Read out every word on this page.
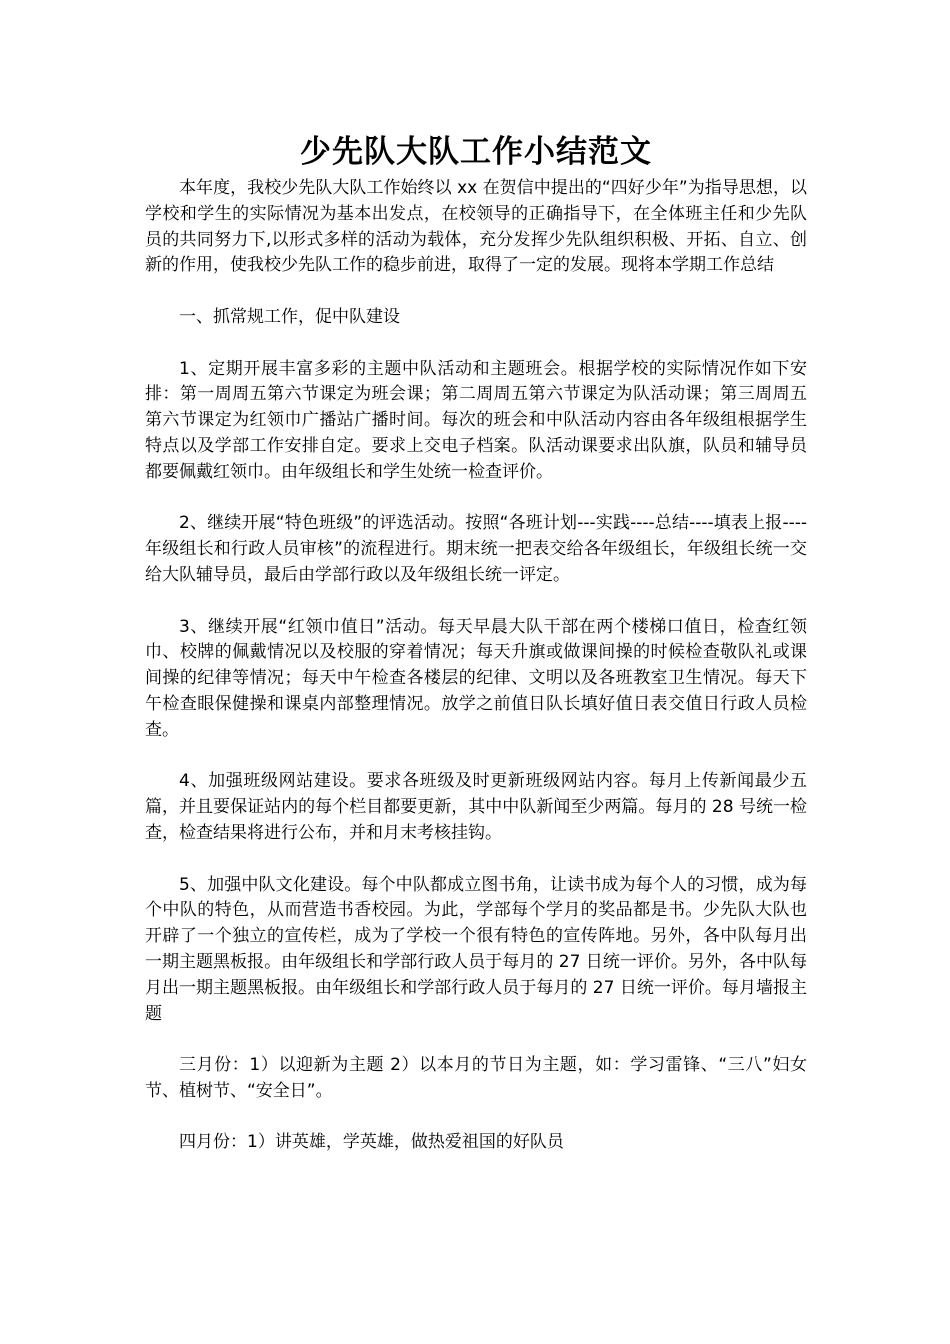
少先队大队工作小结范文

本年度，我校少先队大队工作始终以 xx 在贺信中提出的“四好少年”为指导思想，以学校和学生的实际情况为基本出发点，在校领导的正确指导下，在全体班主任和少先队员的共同努力下,以形式多样的活动为载体，充分发挥少先队组织积极、开拓、自立、创新的作用，使我校少先队工作的稳步前进，取得了一定的发展。现将本学期工作总结

一、抓常规工作，促中队建设

1、定期开展丰富多彩的主题中队活动和主题班会。根据学校的实际情况作如下安排：第一周周五第六节课定为班会课；第二周周五第六节课定为队活动课；第三周周五第六节课定为红领巾广播站广播时间。每次的班会和中队活动内容由各年级组根据学生特点以及学部工作安排自定。要求上交电子档案。队活动课要求出队旗，队员和辅导员都要佩戴红领巾。由年级组长和学生处统一检查评价。

2、继续开展“特色班级”的评选活动。按照“各班计划---实践----总结----填表上报----年级组长和行政人员审核”的流程进行。期末统一把表交给各年级组长，年级组长统一交给大队辅导员，最后由学部行政以及年级组长统一评定。

3、继续开展“红领巾值日”活动。每天早晨大队干部在两个楼梯口值日，检查红领巾、校牌的佩戴情况以及校服的穿着情况；每天升旗或做课间操的时候检查敬队礼或课间操的纪律等情况；每天中午检查各楼层的纪律、文明以及各班教室卫生情况。每天下午检查眼保健操和课桌内部整理情况。放学之前值日队长填好值日表交值日行政人员检查。

4、加强班级网站建设。要求各班级及时更新班级网站内容。每月上传新闻最少五篇，并且要保证站内的每个栏目都要更新，其中中队新闻至少两篇。每月的 28 号统一检查，检查结果将进行公布，并和月末考核挂钩。

5、加强中队文化建设。每个中队都成立图书角，让读书成为每个人的习惯，成为每个中队的特色，从而营造书香校园。为此，学部每个学月的奖品都是书。少先队大队也开辟了一个独立的宣传栏，成为了学校一个很有特色的宣传阵地。另外，各中队每月出一期主题黑板报。由年级组长和学部行政人员于每月的 27 日统一评价。另外，各中队每月出一期主题黑板报。由年级组长和学部行政人员于每月的 27 日统一评价。每月墙报主题

三月份：1）以迎新为主题 2）以本月的节日为主题，如：学习雷锋、“三八”妇女节、植树节、“安全日”。

四月份：1）讲英雄，学英雄，做热爱祖国的好队员
